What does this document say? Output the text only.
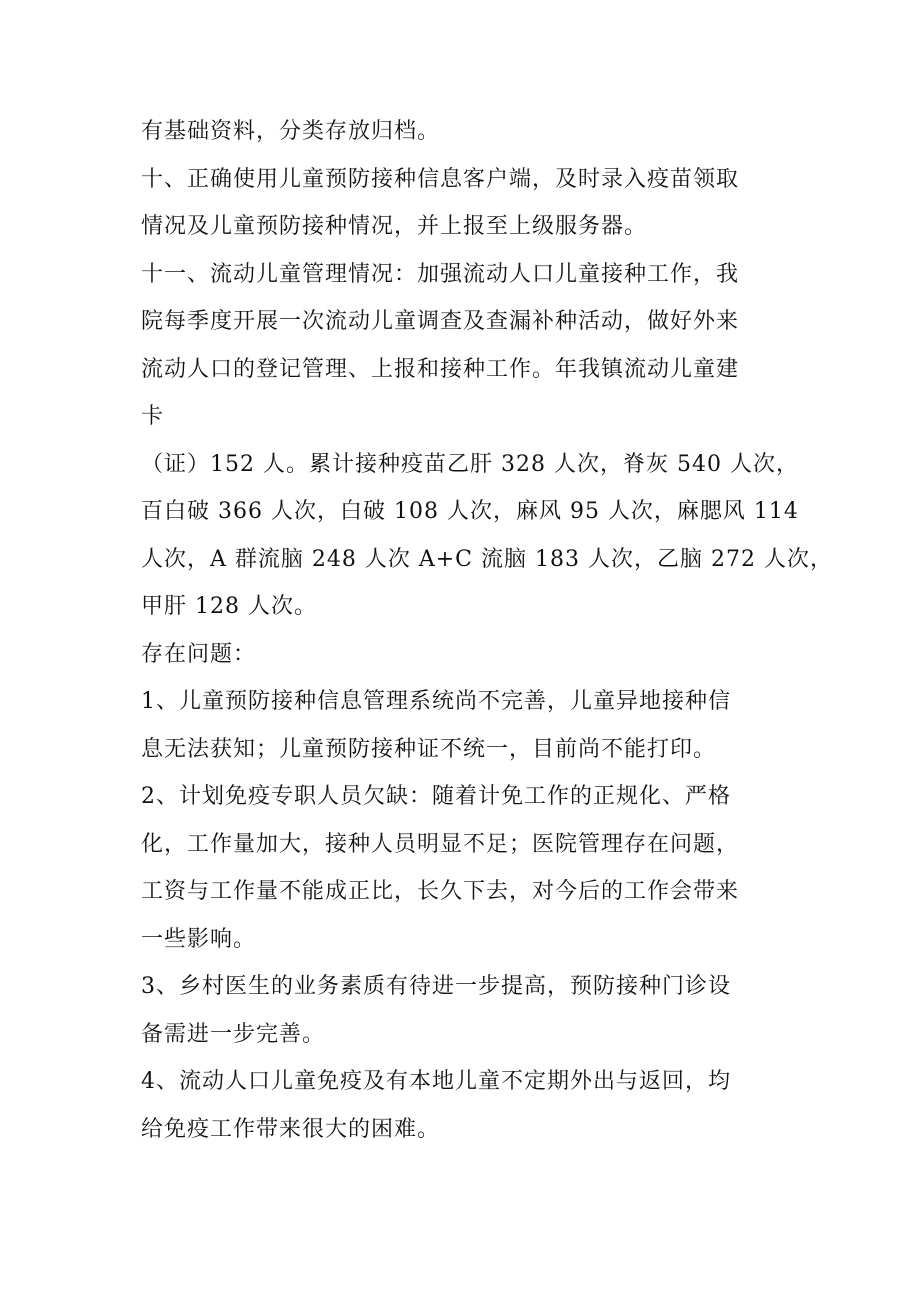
有基础资料，分类存放归档。
十、正确使用儿童预防接种信息客户端，及时录入疫苗领取
情况及儿童预防接种情况，并上报至上级服务器。
十一、流动儿童管理情况：加强流动人口儿童接种工作，我
院每季度开展一次流动儿童调查及查漏补种活动，做好外来
流动人口的登记管理、上报和接种工作。年我镇流动儿童建
卡
（证）152 人。累计接种疫苗乙肝 328 人次，脊灰 540 人次，
百白破 366 人次，白破 108 人次，麻风 95 人次，麻腮风 114
人次，A 群流脑 248 人次 A+C 流脑 183 人次，乙脑 272 人次，
甲肝 128 人次。
存在问题：
1、儿童预防接种信息管理系统尚不完善，儿童异地接种信
息无法获知；儿童预防接种证不统一，目前尚不能打印。
2、计划免疫专职人员欠缺：随着计免工作的正规化、严格
化，工作量加大，接种人员明显不足；医院管理存在问题，
工资与工作量不能成正比，长久下去，对今后的工作会带来
一些影响。
3、乡村医生的业务素质有待进一步提高，预防接种门诊设
备需进一步完善。
4、流动人口儿童免疫及有本地儿童不定期外出与返回，均
给免疫工作带来很大的困难。
